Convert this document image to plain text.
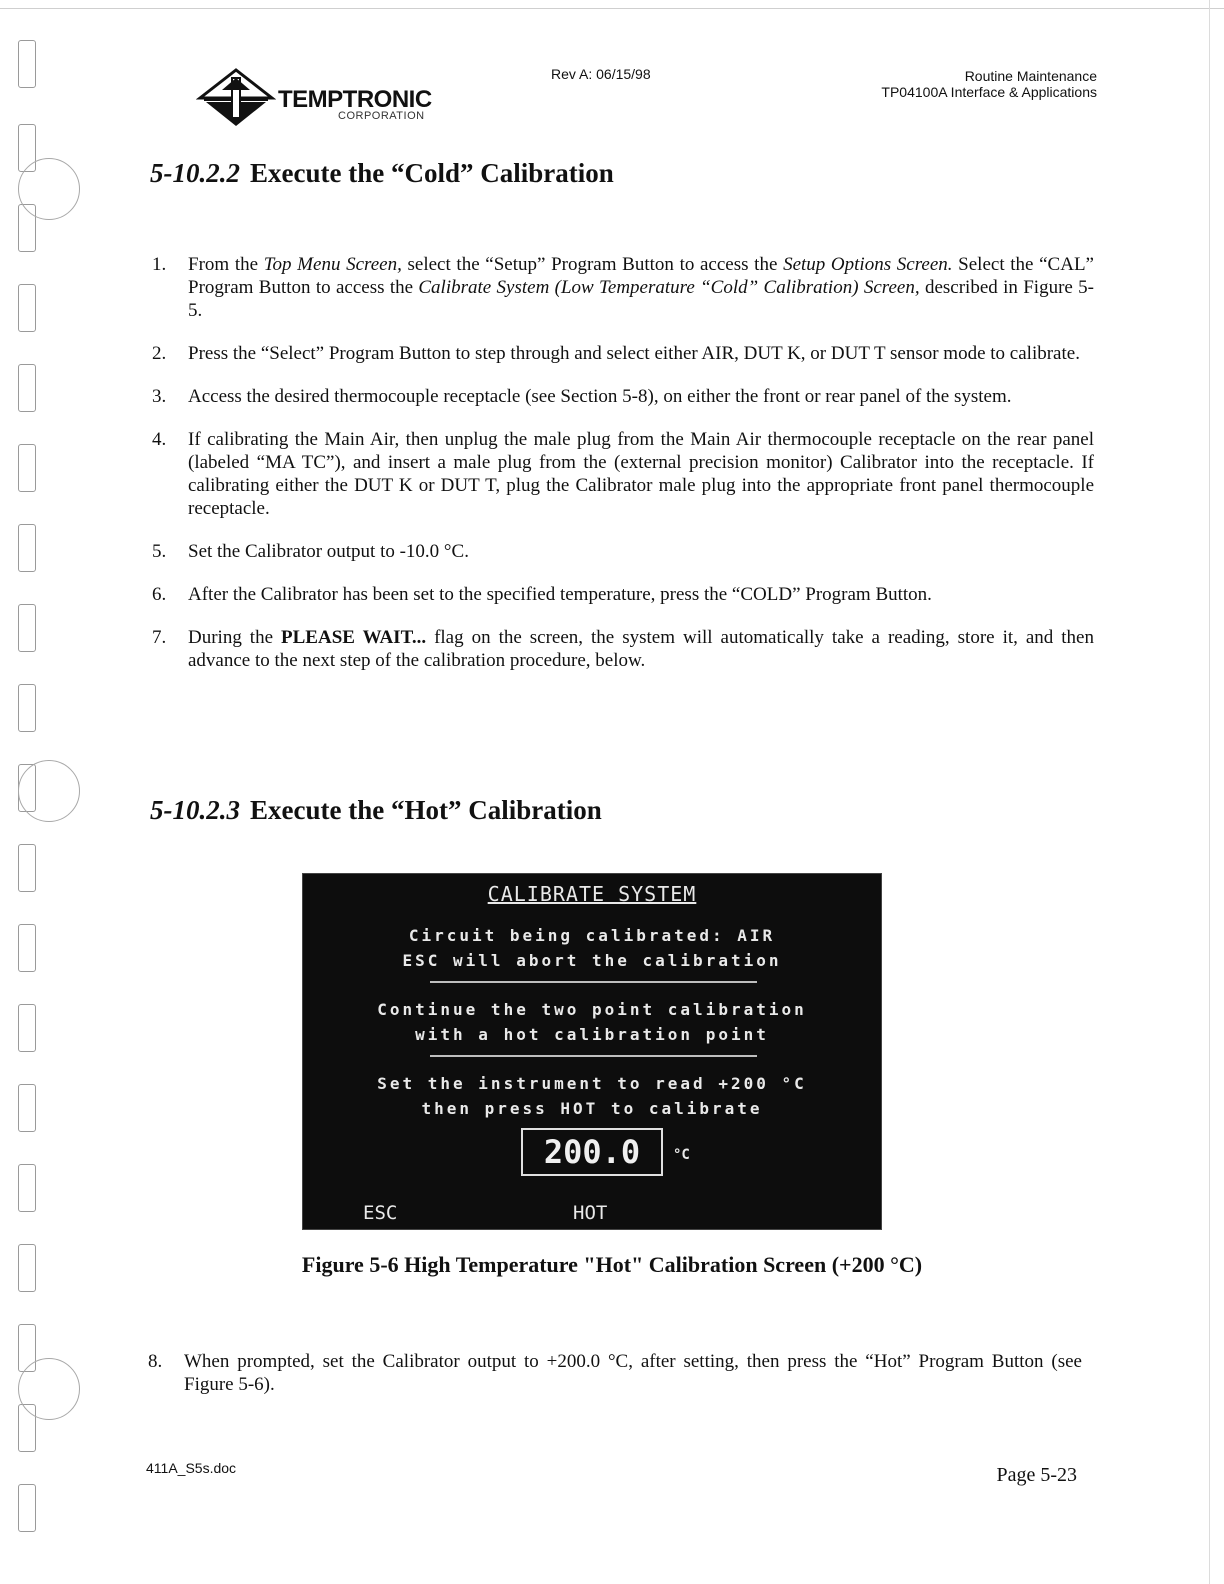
TEMPTRONIC
CORPORATION
Rev A: 06/15/98	Routine Maintenance
TP04100A Interface & Applications
5-10.2.2 Execute the “Cold” Calibration
1. From the Top Menu Screen, select the “Setup” Program Button to access the Setup Options Screen. Select the “CAL” Program Button to access the Calibrate System (Low Temperature “Cold” Calibration) Screen, described in Figure 5-5.
2. Press the “Select” Program Button to step through and select either AIR, DUT K, or DUT T sensor mode to calibrate.
3. Access the desired thermocouple receptacle (see Section 5-8), on either the front or rear panel of the system.
4. If calibrating the Main Air, then unplug the male plug from the Main Air thermocouple receptacle on the rear panel (labeled “MA TC”), and insert a male plug from the (external precision monitor) Calibrator into the receptacle. If calibrating either the DUT K or DUT T, plug the Calibrator male plug into the appropriate front panel thermocouple receptacle.
5. Set the Calibrator output to -10.0 °C.
6. After the Calibrator has been set to the specified temperature, press the “COLD” Program Button.
7. During the PLEASE WAIT... flag on the screen, the system will automatically take a reading, store it, and then advance to the next step of the calibration procedure, below.
5-10.2.3 Execute the “Hot” Calibration
CALIBRATE SYSTEM
Circuit being calibrated: AIR
ESC will abort the calibration
Continue the two point calibration
with a hot calibration point
Set the instrument to read +200 °C
then press HOT to calibrate
200.0	°C
ESC	HOT
Figure 5-6 High Temperature "Hot" Calibration Screen (+200 °C)
8. When prompted, set the Calibrator output to +200.0 °C, after setting, then press the “Hot” Program Button (see Figure 5-6).
411A_S5s.doc	Page 5-23
